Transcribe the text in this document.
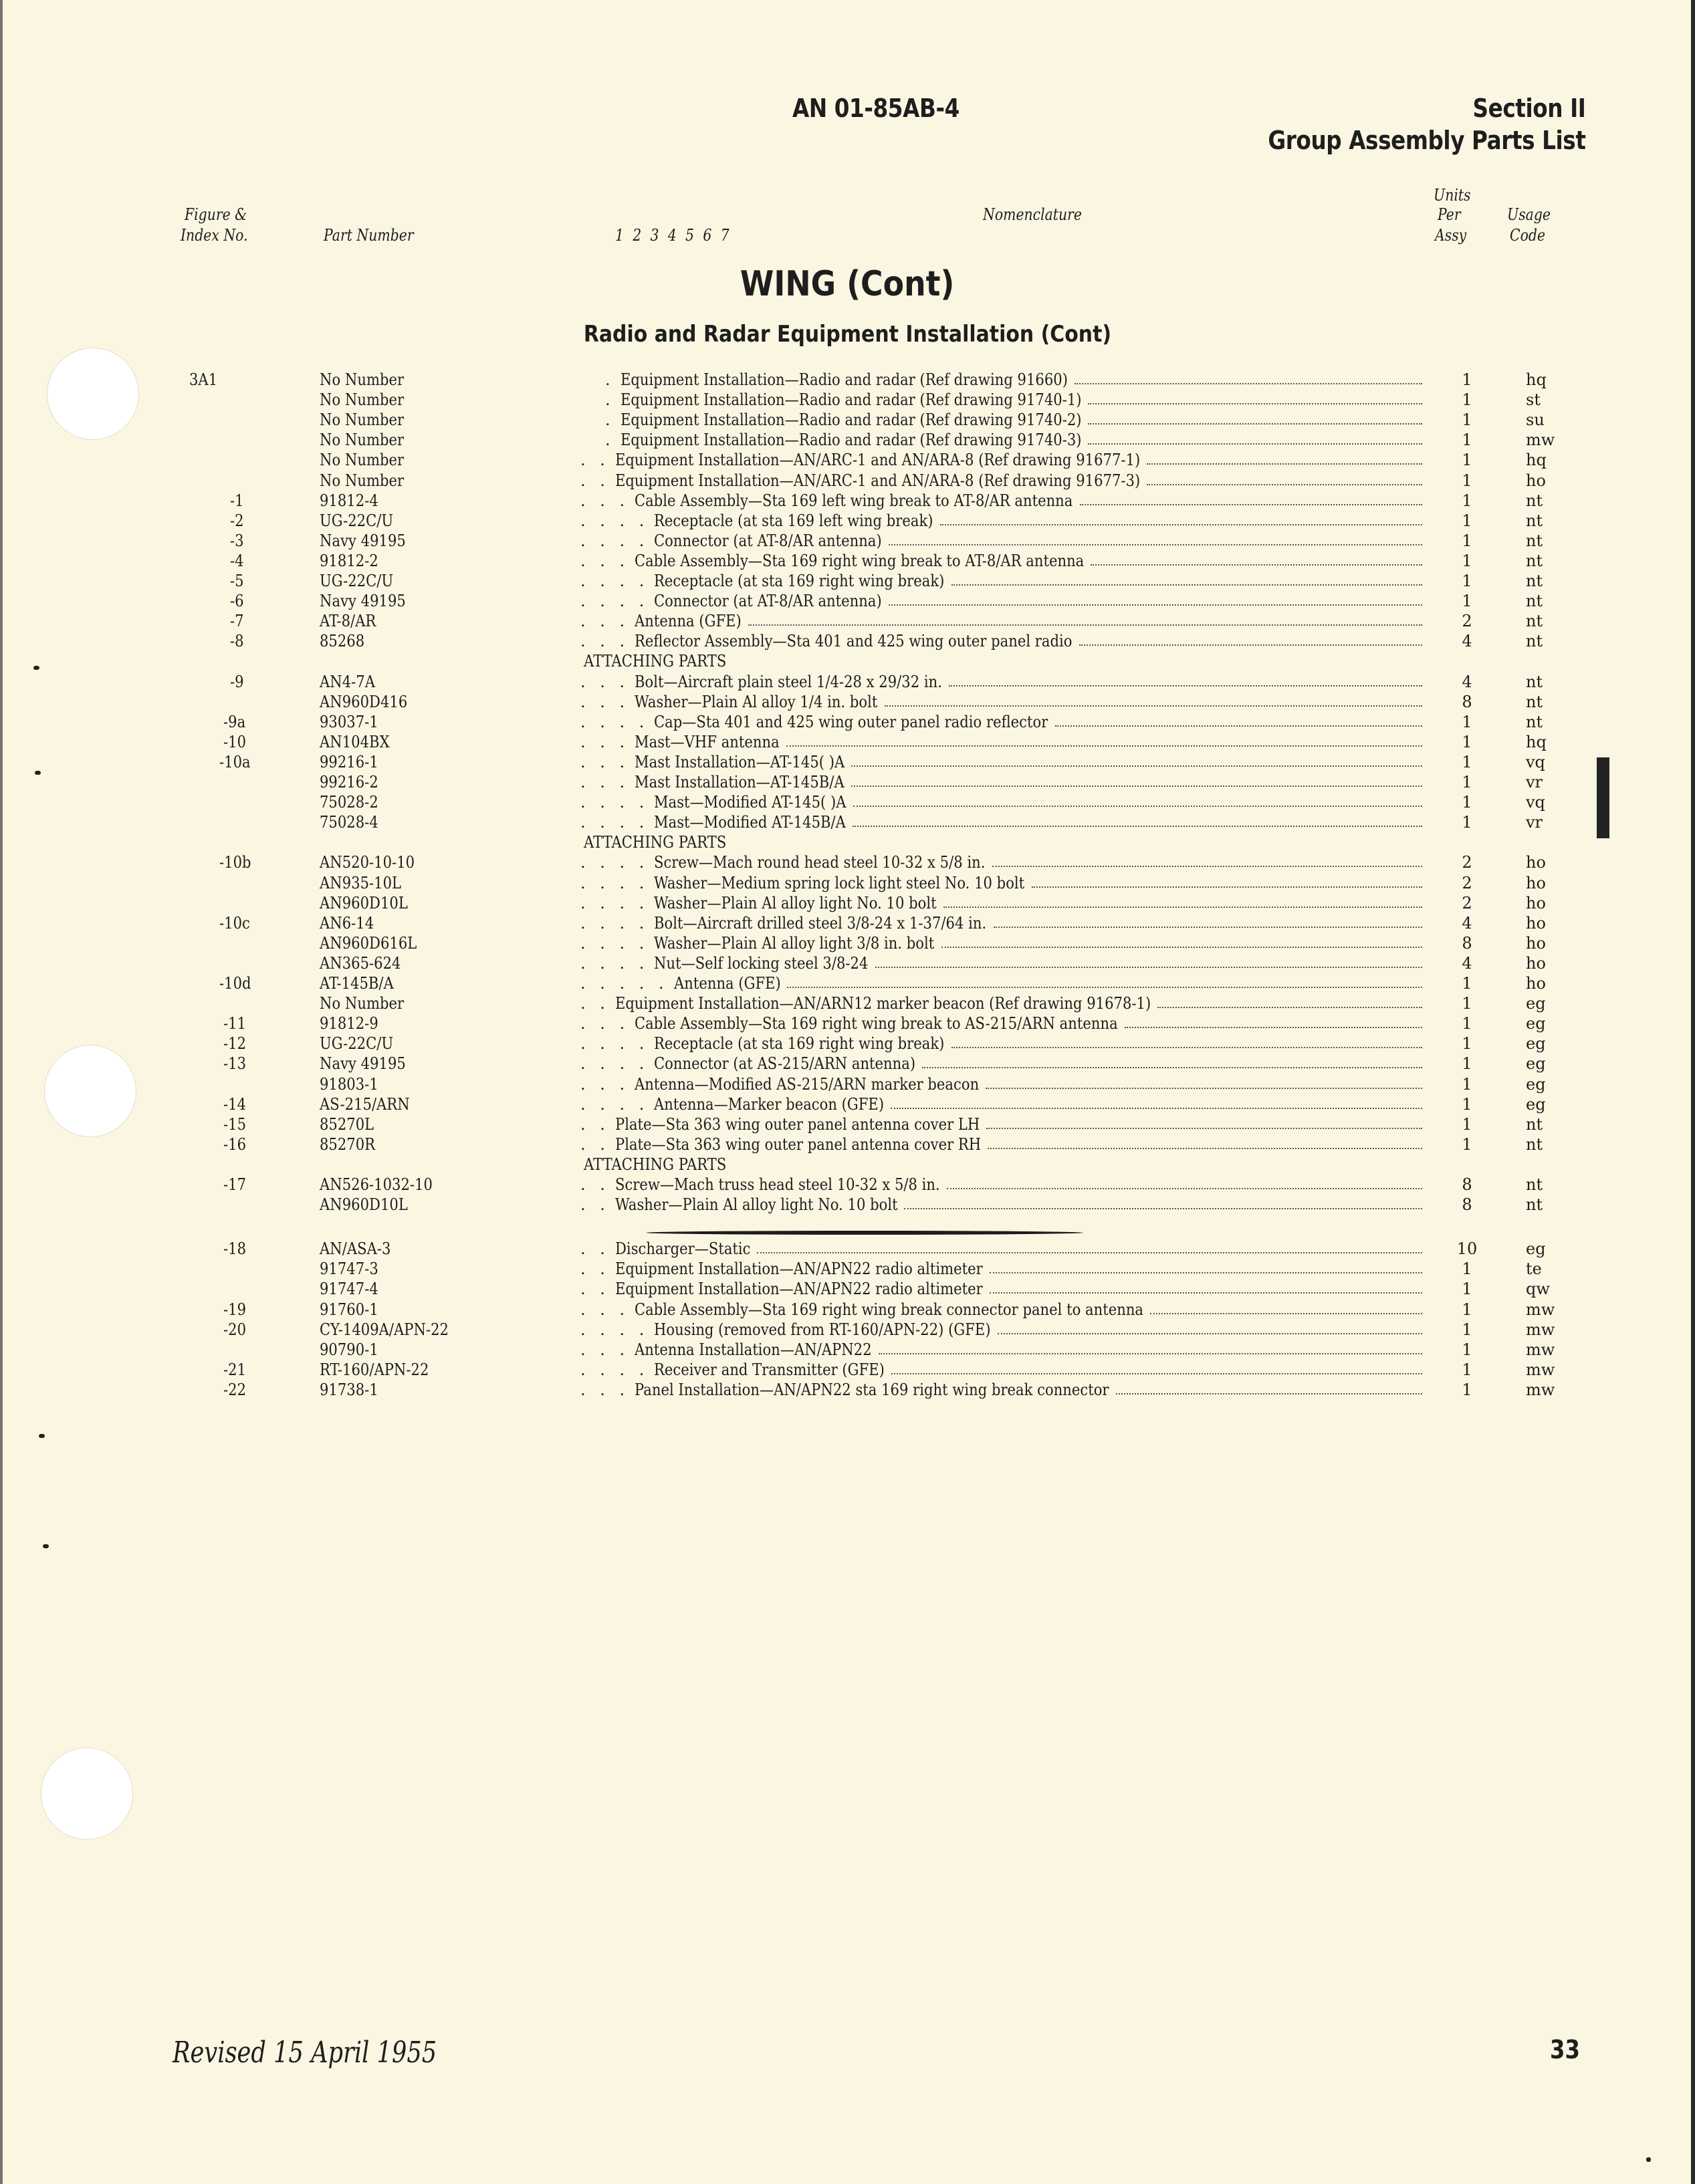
AN 01-85AB-4	Section II
Group Assembly Parts List
Figure &
Index No.	Part Number	1 2 3 4 5 6 7
Nomenclature
Units
Per
Assy
Usage
Code
WING (Cont)
Radio and Radar Equipment Installation (Cont)
3A1	No Number	. Equipment Installation—Radio and radar (Ref drawing 91660)	1	hq
No Number	. Equipment Installation—Radio and radar (Ref drawing 91740-1)	1	st
No Number	. Equipment Installation—Radio and radar (Ref drawing 91740-2)	1	su
No Number	. Equipment Installation—Radio and radar (Ref drawing 91740-3)	1	mw
No Number	. . Equipment Installation—AN/ARC-1 and AN/ARA-8 (Ref drawing 91677-1)	1	hq
No Number	. . Equipment Installation—AN/ARC-1 and AN/ARA-8 (Ref drawing 91677-3)	1	ho
-1	91812-4	. . . Cable Assembly—Sta 169 left wing break to AT-8/AR antenna	1	nt
-2	UG-22C/U	. . . . Receptacle (at sta 169 left wing break)	1	nt
-3	Navy 49195	. . . . Connector (at AT-8/AR antenna)	1	nt
-4	91812-2	. . . Cable Assembly—Sta 169 right wing break to AT-8/AR antenna	1	nt
-5	UG-22C/U	. . . . Receptacle (at sta 169 right wing break)	1	nt
-6	Navy 49195	. . . . Connector (at AT-8/AR antenna)	1	nt
-7	AT-8/AR	. . . Antenna (GFE)	2	nt
-8	85268	. . . Reflector Assembly—Sta 401 and 425 wing outer panel radio	4	nt
ATTACHING PARTS
-9	AN4-7A	. . . Bolt—Aircraft plain steel 1/4-28 x 29/32 in.	4	nt
AN960D416	. . . Washer—Plain Al alloy 1/4 in. bolt	8	nt
-9a	93037-1	. . . . Cap—Sta 401 and 425 wing outer panel radio reflector	1	nt
-10	AN104BX	. . . Mast—VHF antenna	1	hq
-10a	99216-1	. . . Mast Installation—AT-145( )A	1	vq
99216-2	. . . Mast Installation—AT-145B/A	1	vr
75028-2	. . . . Mast—Modified AT-145( )A	1	vq
75028-4	. . . . Mast—Modified AT-145B/A	1	vr
ATTACHING PARTS
-10b	AN520-10-10	. . . . Screw—Mach round head steel 10-32 x 5/8 in.	2	ho
AN935-10L	. . . . Washer—Medium spring lock light steel No. 10 bolt	2	ho
AN960D10L	. . . . Washer—Plain Al alloy light No. 10 bolt	2	ho
-10c	AN6-14	. . . . Bolt—Aircraft drilled steel 3/8-24 x 1-37/64 in.	4	ho
AN960D616L	. . . . Washer—Plain Al alloy light 3/8 in. bolt	8	ho
AN365-624	. . . . Nut—Self locking steel 3/8-24	4	ho
-10d	AT-145B/A	. . . . . Antenna (GFE)	1	ho
No Number	. . Equipment Installation—AN/ARN12 marker beacon (Ref drawing 91678-1)	1	eg
-11	91812-9	. . . Cable Assembly—Sta 169 right wing break to AS-215/ARN antenna	1	eg
-12	UG-22C/U	. . . . Receptacle (at sta 169 right wing break)	1	eg
-13	Navy 49195	. . . . Connector (at AS-215/ARN antenna)	1	eg
91803-1	. . . Antenna—Modified AS-215/ARN marker beacon	1	eg
-14	AS-215/ARN	. . . . Antenna—Marker beacon (GFE)	1	eg
-15	85270L	. . Plate—Sta 363 wing outer panel antenna cover LH	1	nt
-16	85270R	. . Plate—Sta 363 wing outer panel antenna cover RH	1	nt
ATTACHING PARTS
-17	AN526-1032-10	. . Screw—Mach truss head steel 10-32 x 5/8 in.	8	nt
AN960D10L	. . Washer—Plain Al alloy light No. 10 bolt	8	nt
-18	AN/ASA-3	. . Discharger—Static	10	eg
91747-3	. . Equipment Installation—AN/APN22 radio altimeter	1	te
91747-4	. . Equipment Installation—AN/APN22 radio altimeter	1	qw
-19	91760-1	. . . Cable Assembly—Sta 169 right wing break connector panel to antenna	1	mw
-20	CY-1409A/APN-22	. . . . Housing (removed from RT-160/APN-22) (GFE)	1	mw
90790-1	. . . Antenna Installation—AN/APN22	1	mw
-21	RT-160/APN-22	. . . . Receiver and Transmitter (GFE)	1	mw
-22	91738-1	. . . Panel Installation—AN/APN22 sta 169 right wing break connector	1	mw
Revised 15 April 1955	33
